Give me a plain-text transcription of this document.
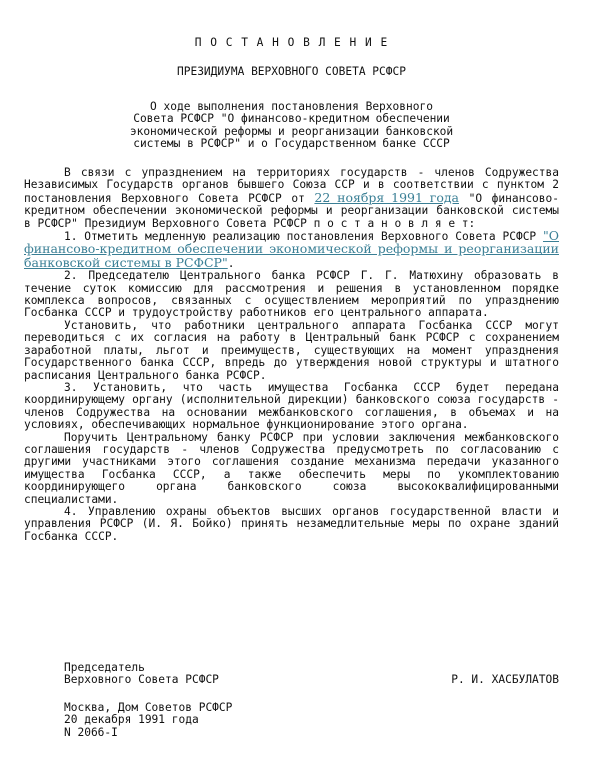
П О С Т А Н О В Л Е Н И Е
ПРЕЗИДИУМА ВЕРХОВНОГО СОВЕТА РСФСР
О ходе выполнения постановления Верховного
Совета РСФСР "О финансово-кредитном обеспечении
экономической реформы и реорганизации банковской
системы в РСФСР" и о Государственном банке СССР

В связи с упразднением на территориях государств - членов Содружества Независимых Государств органов бывшего Союза ССР и в соответствии с пунктом 2 постановления Верховного Совета РСФСР от 22 ноября 1991 года "О финансово-кредитном обеспечении экономической реформы и реорганизации банковской системы в РСФСР" Президиум Верховного Совета РСФСР п о с т а н о в л я е т:

1. Отметить медленную реализацию постановления Верховного Совета РСФСР "О финансово-кредитном обеспечении экономической реформы и реорганизации банковской системы в РСФСР".

2. Председателю Центрального банка РСФСР Г. Г. Матюхину образовать в течение суток комиссию для рассмотрения и решения в установленном порядке комплекса вопросов, связанных с осуществлением мероприятий по упразднению Госбанка СССР и трудоустройству работников его центрального аппарата.

Установить, что работники центрального аппарата Госбанка СССР могут переводиться с их согласия на работу в Центральный банк РСФСР с сохранением заработной платы, льгот и преимуществ, существующих на момент упразднения Государственного банка СССР, впредь до утверждения новой структуры и штатного расписания Центрального банка РСФСР.

3. Установить, что часть имущества Госбанка СССР будет передана координирующему органу (исполнительной дирекции) банковского союза государств - членов Содружества на основании межбанковского соглашения, в объемах и на условиях, обеспечивающих нормальное функционирование этого органа.

Поручить Центральному банку РСФСР при условии заключения межбанковского соглашения государств - членов Содружества предусмотреть по согласованию с другими участниками этого соглашения создание механизма передачи указанного имущества Госбанка СССР, а также обеспечить меры по укомплектованию координирующего органа банковского союза высококвалифицированными специалистами.

4. Управлению охраны объектов высших органов государственной власти и управления РСФСР (И. Я. Бойко) принять незамедлительные меры по охране зданий Госбанка СССР.

Председатель
Верховного Совета РСФСР	Р. И. ХАСБУЛАТОВ
Москва, Дом Советов РСФСР
20 декабря 1991 года
N 2066-I
